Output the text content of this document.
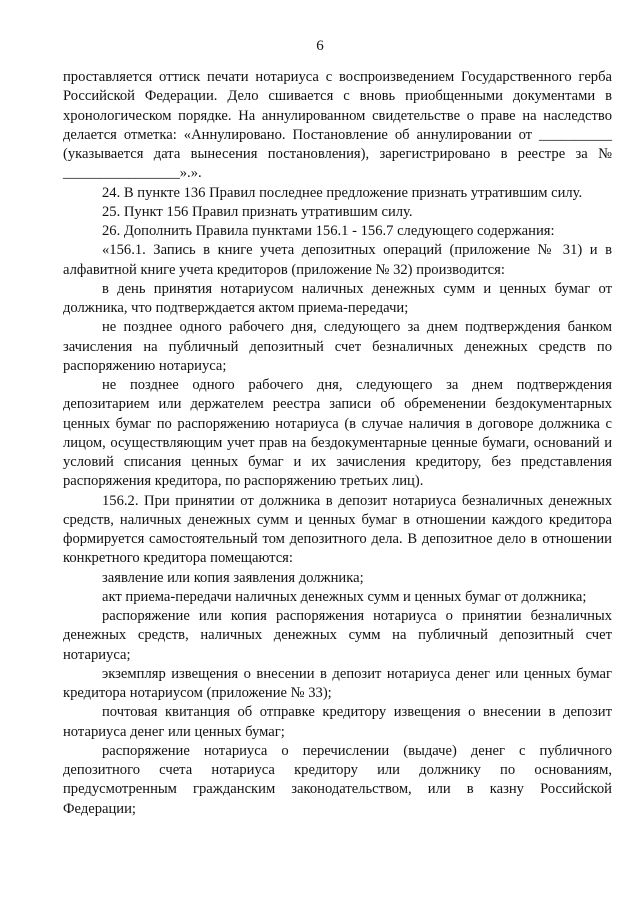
6

проставляется оттиск печати нотариуса с воспроизведением Государственного герба Российской Федерации. Дело сшивается с вновь приобщенными документами в хронологическом порядке. На аннулированном свидетельстве о праве на наследство делается отметка: «Аннулировано. Постановление об аннулировании от __________ (указывается дата вынесения постановления), зарегистрировано в реестре за № ________________».».

24. В пункте 136 Правил последнее предложение признать утратившим силу.

25. Пункт 156 Правил признать утратившим силу.

26. Дополнить Правила пунктами 156.1 - 156.7 следующего содержания:

«156.1. Запись в книге учета депозитных операций (приложение № 31) и в алфавитной книге учета кредиторов (приложение № 32) производится:

в день принятия нотариусом наличных денежных сумм и ценных бумаг от должника, что подтверждается актом приема-передачи;

не позднее одного рабочего дня, следующего за днем подтверждения банком зачисления на публичный депозитный счет безналичных денежных средств по распоряжению нотариуса;

не позднее одного рабочего дня, следующего за днем подтверждения депозитарием или держателем реестра записи об обременении бездокументарных ценных бумаг по распоряжению нотариуса (в случае наличия в договоре должника с лицом, осуществляющим учет прав на бездокументарные ценные бумаги, оснований и условий списания ценных бумаг и их зачисления кредитору, без представления распоряжения кредитора, по распоряжению третьих лиц).

156.2. При принятии от должника в депозит нотариуса безналичных денежных средств, наличных денежных сумм и ценных бумаг в отношении каждого кредитора формируется самостоятельный том депозитного дела. В депозитное дело в отношении конкретного кредитора помещаются:

заявление или копия заявления должника;

акт приема-передачи наличных денежных сумм и ценных бумаг от должника;

распоряжение или копия распоряжения нотариуса о принятии безналичных денежных средств, наличных денежных сумм на публичный депозитный счет нотариуса;

экземпляр извещения о внесении в депозит нотариуса денег или ценных бумаг кредитора нотариусом (приложение № 33);

почтовая квитанция об отправке кредитору извещения о внесении в депозит нотариуса денег или ценных бумаг;

распоряжение нотариуса о перечислении (выдаче) денег с публичного депозитного счета нотариуса кредитору или должнику по основаниям, предусмотренным гражданским законодательством, или в казну Российской Федерации;
